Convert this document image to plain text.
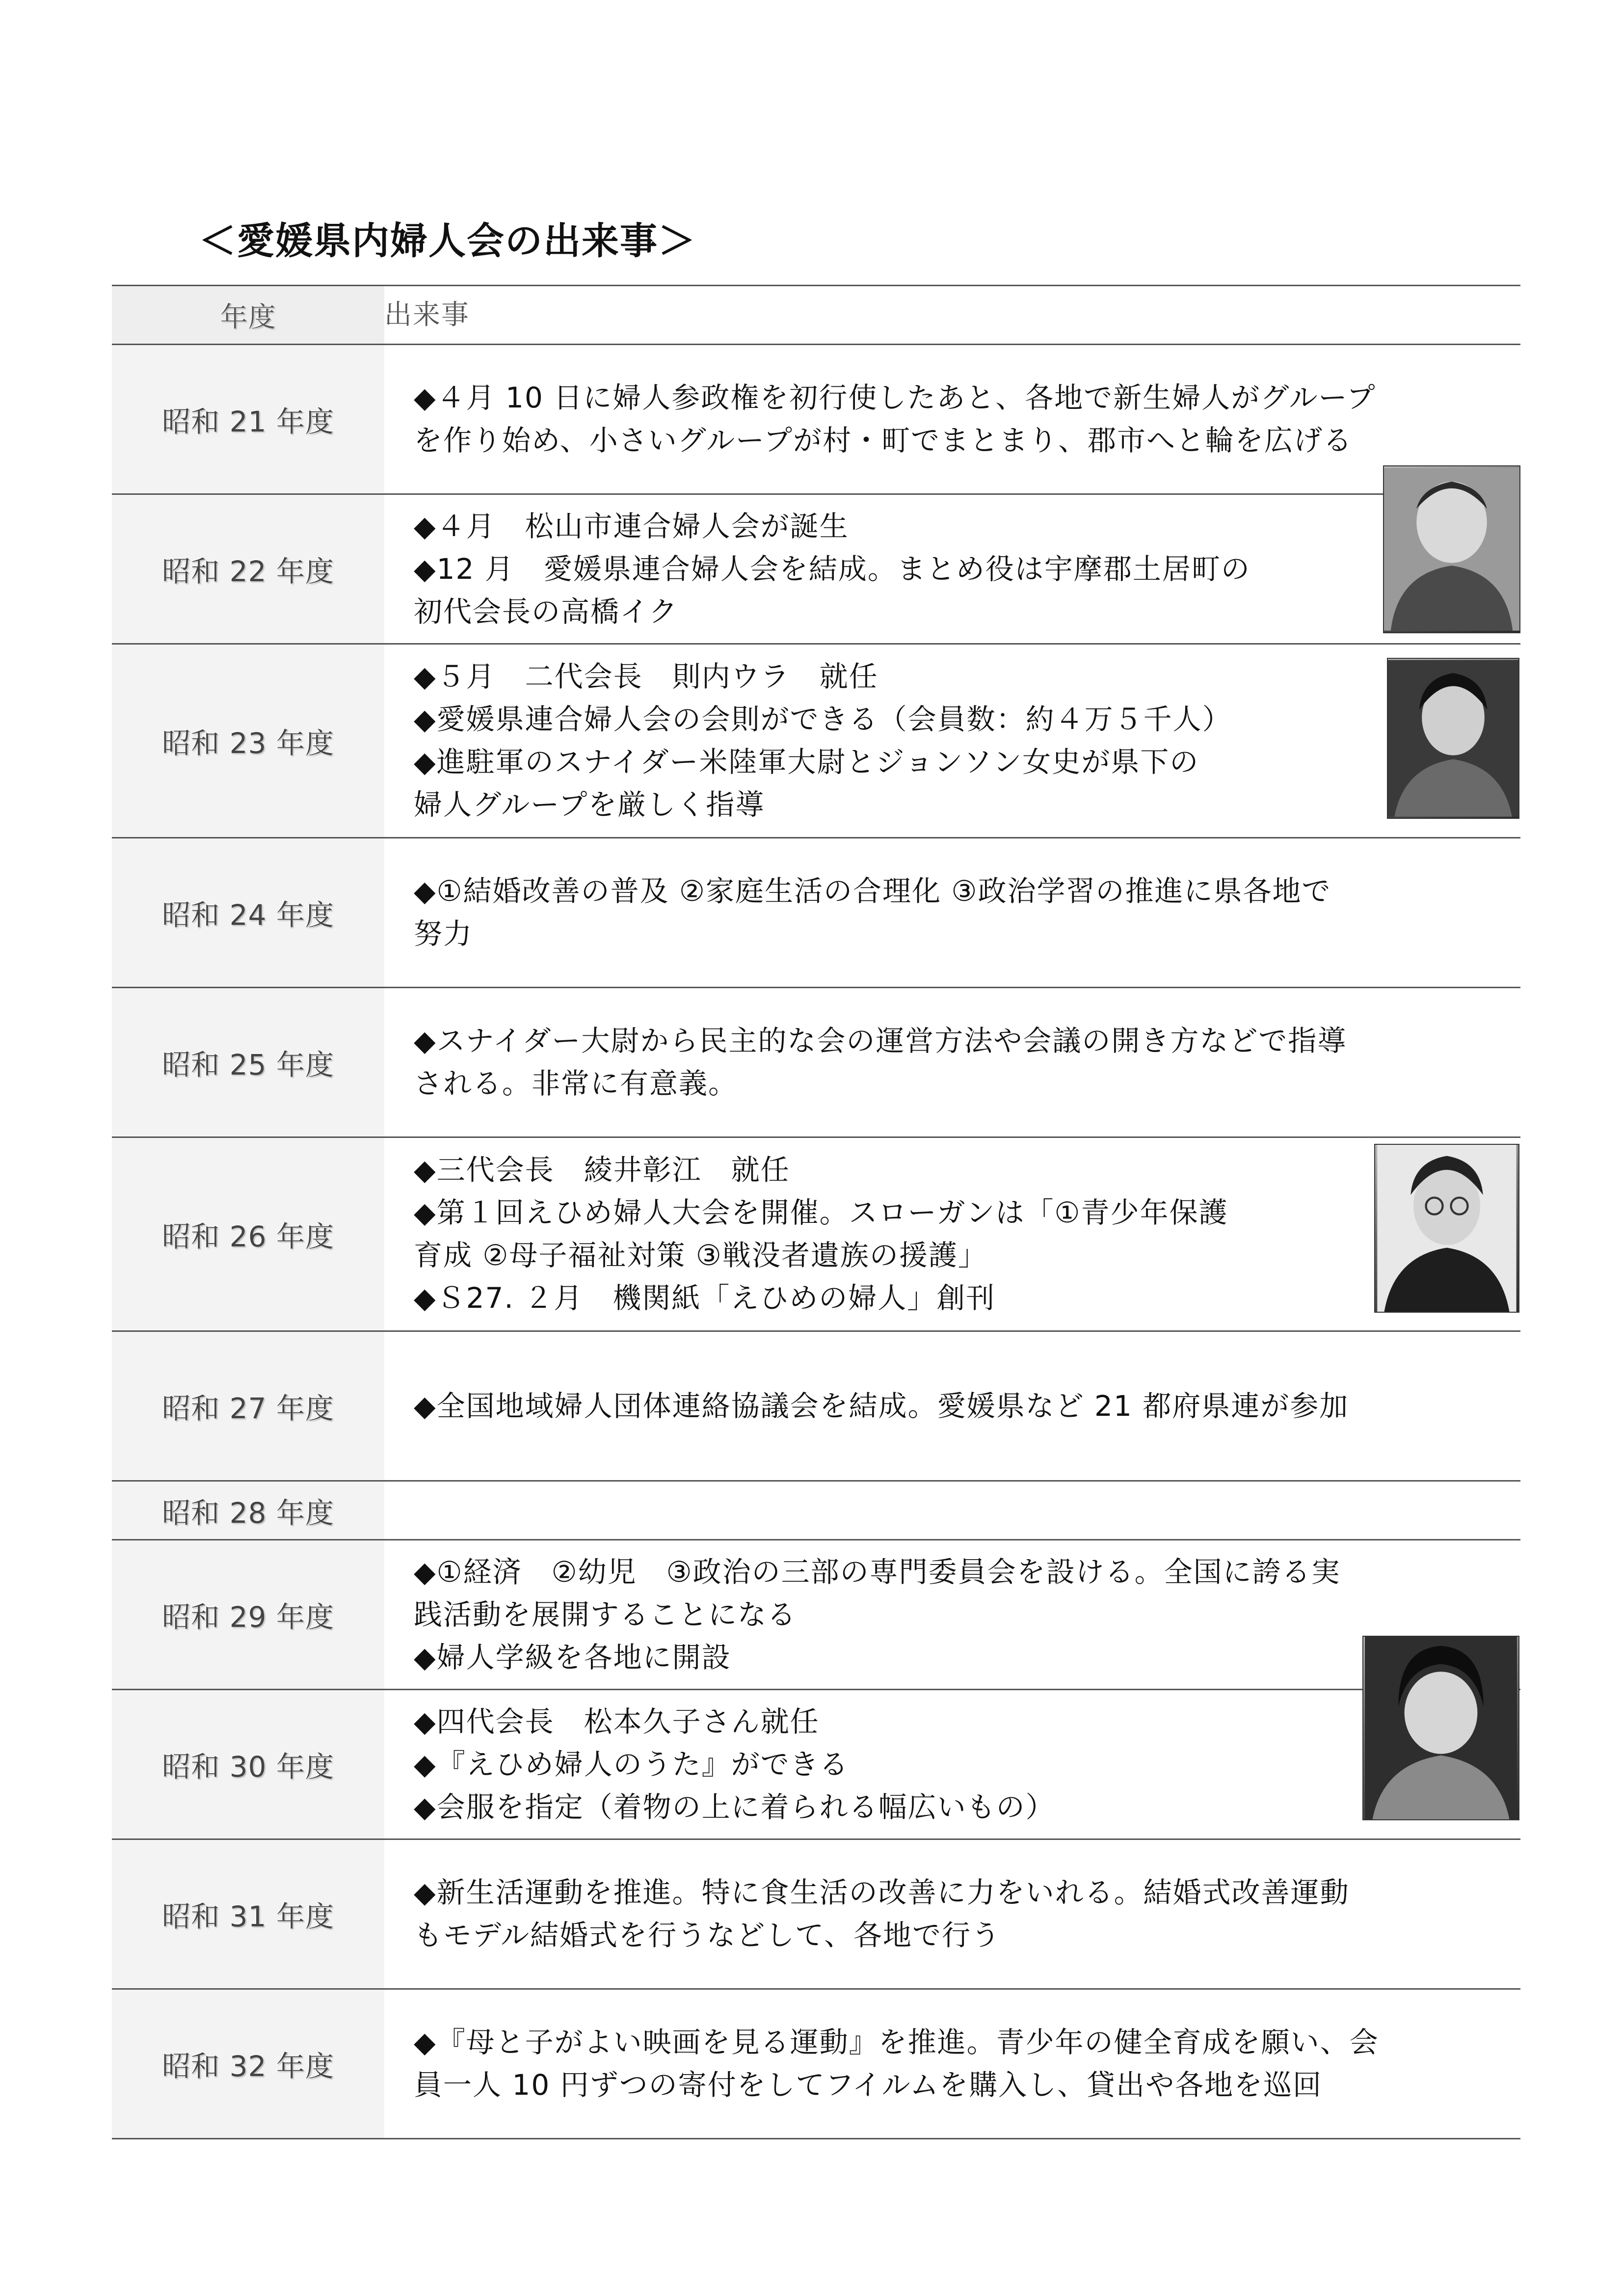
＜愛媛県内婦人会の出来事＞
年度	出来事
昭和 21 年度
◆４月 10 日に婦人参政権を初行使したあと、各地で新生婦人がグループ
を作り始め、小さいグループが村・町でまとまり、郡市へと輪を広げる
昭和 22 年度
◆４月　松山市連合婦人会が誕生
◆12 月　愛媛県連合婦人会を結成。まとめ役は宇摩郡土居町の
初代会長の高橋イク
昭和 23 年度
◆５月　二代会長　則内ウラ　就任
◆愛媛県連合婦人会の会則ができる（会員数：約４万５千人）
◆進駐軍のスナイダー米陸軍大尉とジョンソン女史が県下の
婦人グループを厳しく指導
昭和 24 年度
◆①結婚改善の普及 ②家庭生活の合理化 ③政治学習の推進に県各地で
努力
昭和 25 年度
◆スナイダー大尉から民主的な会の運営方法や会議の開き方などで指導
される。非常に有意義。
昭和 26 年度
◆三代会長　綾井彰江　就任
◆第１回えひめ婦人大会を開催。スローガンは「①青少年保護
育成 ②母子福祉対策 ③戦没者遺族の援護」
◆Ｓ27. ２月　機関紙「えひめの婦人」創刊
昭和 27 年度	◆全国地域婦人団体連絡協議会を結成。愛媛県など 21 都府県連が参加
昭和 28 年度
昭和 29 年度
◆①経済　②幼児　③政治の三部の専門委員会を設ける。全国に誇る実
践活動を展開することになる
◆婦人学級を各地に開設
昭和 30 年度
◆四代会長　松本久子さん就任
◆『えひめ婦人のうた』ができる
◆会服を指定（着物の上に着られる幅広いもの）
昭和 31 年度
◆新生活運動を推進。特に食生活の改善に力をいれる。結婚式改善運動
もモデル結婚式を行うなどして、各地で行う
昭和 32 年度
◆『母と子がよい映画を見る運動』を推進。青少年の健全育成を願い、会
員一人 10 円ずつの寄付をしてフイルムを購入し、貸出や各地を巡回
